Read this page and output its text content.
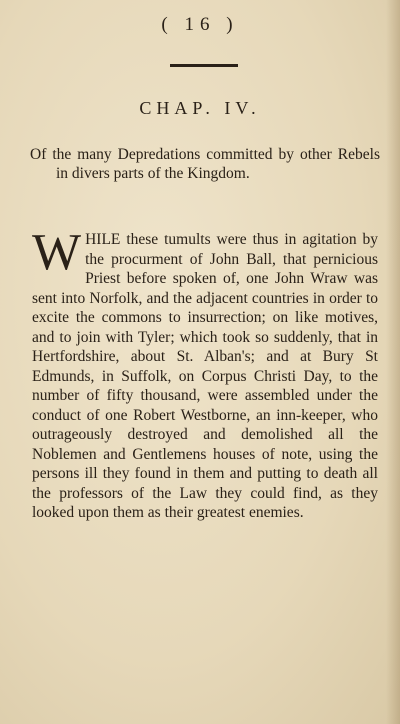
( 16 )
CHAP. IV.
Of the many Depredations committed by other Rebels in divers parts of the Kingdom.
WHILE these tumults were thus in agitation by the procurment of John Ball, that pernicious Priest before spoken of, one John Wraw was sent into Norfolk, and the adjacent countries in order to excite the commons to insurrection; on like motives, and to join with Tyler; which took so suddenly, that in Hertfordshire, about St. Alban's; and at Bury St Edmunds, in Suffolk, on Corpus Christi Day, to the number of fifty thousand, were assembled under the conduct of one Robert Westborne, an inn-keeper, who outrageously destroyed and demolished all the Noblemen and Gentlemens houses of note, using the persons ill they found in them and putting to death all the professors of the Law they could find, as they looked upon them as their greatest enemies.
